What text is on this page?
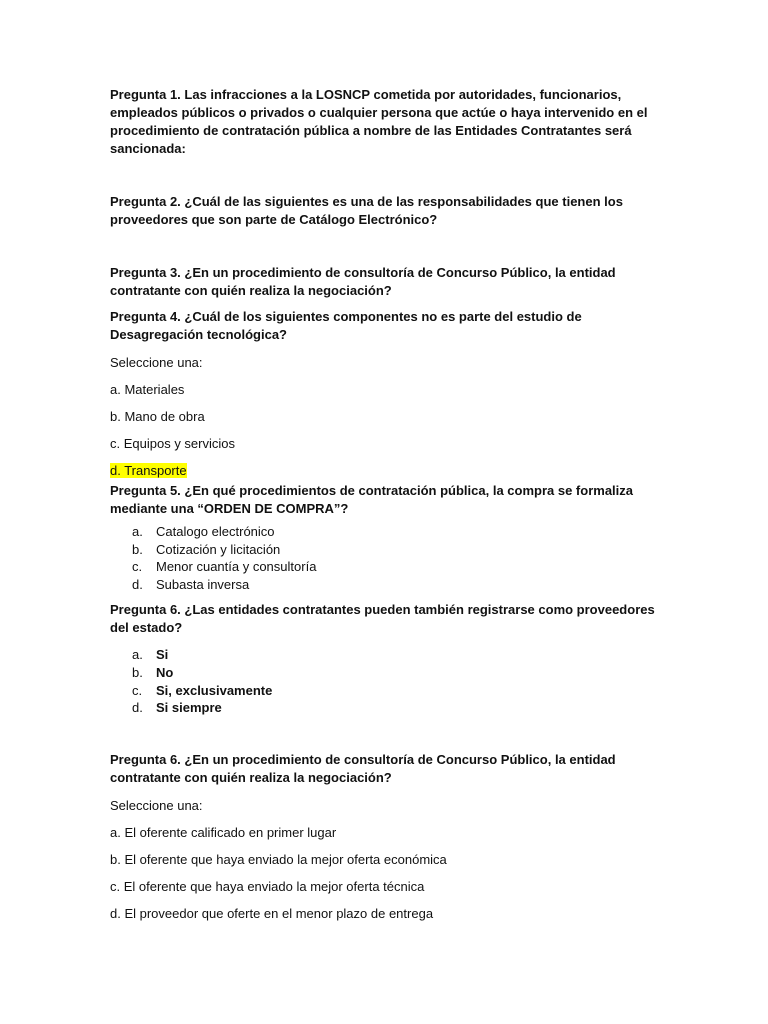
Pregunta 1. Las infracciones a la LOSNCP cometida por autoridades, funcionarios, empleados públicos o privados o cualquier persona que actúe o haya intervenido en el procedimiento de contratación pública a nombre de las Entidades Contratantes será sancionada:

Pregunta 2. ¿Cuál de las siguientes es una de las responsabilidades que tienen los proveedores que son parte de Catálogo Electrónico?

Pregunta 3. ¿En un procedimiento de consultoría de Concurso Público, la entidad contratante con quién realiza la negociación?

Pregunta 4. ¿Cuál de los siguientes componentes no es parte del estudio de Desagregación tecnológica?

Seleccione una:

a. Materiales

b. Mano de obra

c. Equipos y servicios

d. Transporte

Pregunta 5. ¿En qué procedimientos de contratación pública, la compra se formaliza mediante una “ORDEN DE COMPRA”?

a.	Catalogo electrónico
b.	Cotización y licitación
c.	Menor cuantía y consultoría
d.	Subasta inversa

Pregunta 6. ¿Las entidades contratantes pueden también registrarse como proveedores del estado?

a.	Si
b.	No
c.	Si, exclusivamente
d.	Si siempre

Pregunta 6. ¿En un procedimiento de consultoría de Concurso Público, la entidad contratante con quién realiza la negociación?

Seleccione una:

a. El oferente calificado en primer lugar

b. El oferente que haya enviado la mejor oferta económica

c. El oferente que haya enviado la mejor oferta técnica

d. El proveedor que oferte en el menor plazo de entrega
